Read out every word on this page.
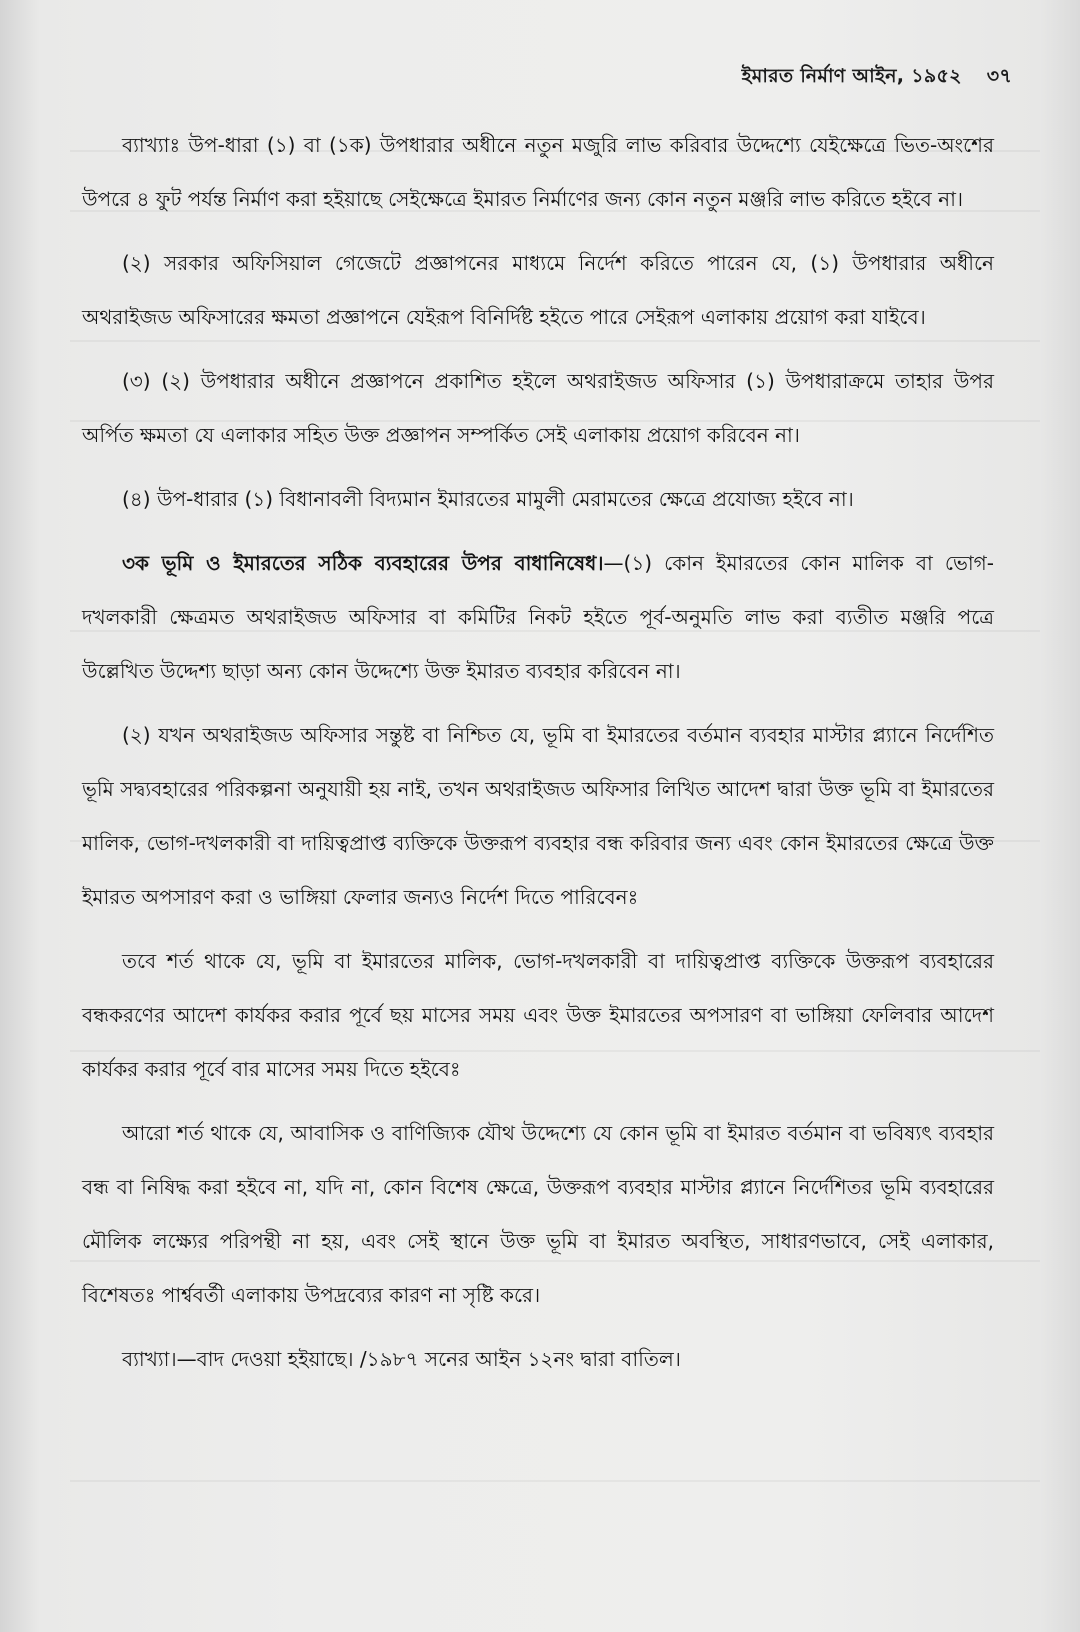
ইমারত নির্মাণ আইন, ১৯৫২ ৩৭

ব্যাখ্যাঃ উপ-ধারা (১) বা (১ক) উপধারার অধীনে নতুন মজুরি লাভ করিবার উদ্দেশ্যে যেইক্ষেত্রে ভিত-অংশের উপরে ৪ ফুট পর্যন্ত নির্মাণ করা হইয়াছে সেইক্ষেত্রে ইমারত নির্মাণের জন্য কোন নতুন মঞ্জরি লাভ করিতে হইবে না।

(২) সরকার অফিসিয়াল গেজেটে প্রজ্ঞাপনের মাধ্যমে নির্দেশ করিতে পারেন যে, (১) উপধারার অধীনে অথরাইজড অফিসারের ক্ষমতা প্রজ্ঞাপনে যেইরূপ বিনির্দিষ্ট হইতে পারে সেইরূপ এলাকায় প্রয়োগ করা যাইবে।

(৩) (২) উপধারার অধীনে প্রজ্ঞাপনে প্রকাশিত হইলে অথরাইজড অফিসার (১) উপধারাক্রমে তাহার উপর অর্পিত ক্ষমতা যে এলাকার সহিত উক্ত প্রজ্ঞাপন সম্পর্কিত সেই এলাকায় প্রয়োগ করিবেন না।

(৪) উপ-ধারার (১) বিধানাবলী বিদ্যমান ইমারতের মামুলী মেরামতের ক্ষেত্রে প্রযোজ্য হইবে না।

৩ক ভূমি ও ইমারতের সঠিক ব্যবহারের উপর বাধানিষেধ।—(১) কোন ইমারতের কোন মালিক বা ভোগ-দখলকারী ক্ষেত্রমত অথরাইজড অফিসার বা কমিটির নিকট হইতে পূর্ব-অনুমতি লাভ করা ব্যতীত মঞ্জরি পত্রে উল্লেখিত উদ্দেশ্য ছাড়া অন্য কোন উদ্দেশ্যে উক্ত ইমারত ব্যবহার করিবেন না।

(২) যখন অথরাইজড অফিসার সন্তুষ্ট বা নিশ্চিত যে, ভূমি বা ইমারতের বর্তমান ব্যবহার মাস্টার প্ল্যানে নির্দেশিত ভূমি সদ্ব্যবহারের পরিকল্পনা অনুযায়ী হয় নাই, তখন অথরাইজড অফিসার লিখিত আদেশ দ্বারা উক্ত ভূমি বা ইমারতের মালিক, ভোগ-দখলকারী বা দায়িত্বপ্রাপ্ত ব্যক্তিকে উক্তরূপ ব্যবহার বন্ধ করিবার জন্য এবং কোন ইমারতের ক্ষেত্রে উক্ত ইমারত অপসারণ করা ও ভাঙ্গিয়া ফেলার জন্যও নির্দেশ দিতে পারিবেনঃ

তবে শর্ত থাকে যে, ভূমি বা ইমারতের মালিক, ভোগ-দখলকারী বা দায়িত্বপ্রাপ্ত ব্যক্তিকে উক্তরূপ ব্যবহারের বন্ধকরণের আদেশ কার্যকর করার পূর্বে ছয় মাসের সময় এবং উক্ত ইমারতের অপসারণ বা ভাঙ্গিয়া ফেলিবার আদেশ কার্যকর করার পূর্বে বার মাসের সময় দিতে হইবেঃ

আরো শর্ত থাকে যে, আবাসিক ও বাণিজ্যিক যৌথ উদ্দেশ্যে যে কোন ভূমি বা ইমারত বর্তমান বা ভবিষ্যৎ ব্যবহার বন্ধ বা নিষিদ্ধ করা হইবে না, যদি না, কোন বিশেষ ক্ষেত্রে, উক্তরূপ ব্যবহার মাস্টার প্ল্যানে নির্দেশিতর ভূমি ব্যবহারের মৌলিক লক্ষ্যের পরিপন্থী না হয়, এবং সেই স্থানে উক্ত ভূমি বা ইমারত অবস্থিত, সাধারণভাবে, সেই এলাকার, বিশেষতঃ পার্শ্ববর্তী এলাকায় উপদ্রব্যের কারণ না সৃষ্টি করে।

ব্যাখ্যা।—বাদ দেওয়া হইয়াছে। /১৯৮৭ সনের আইন ১২নং দ্বারা বাতিল।
